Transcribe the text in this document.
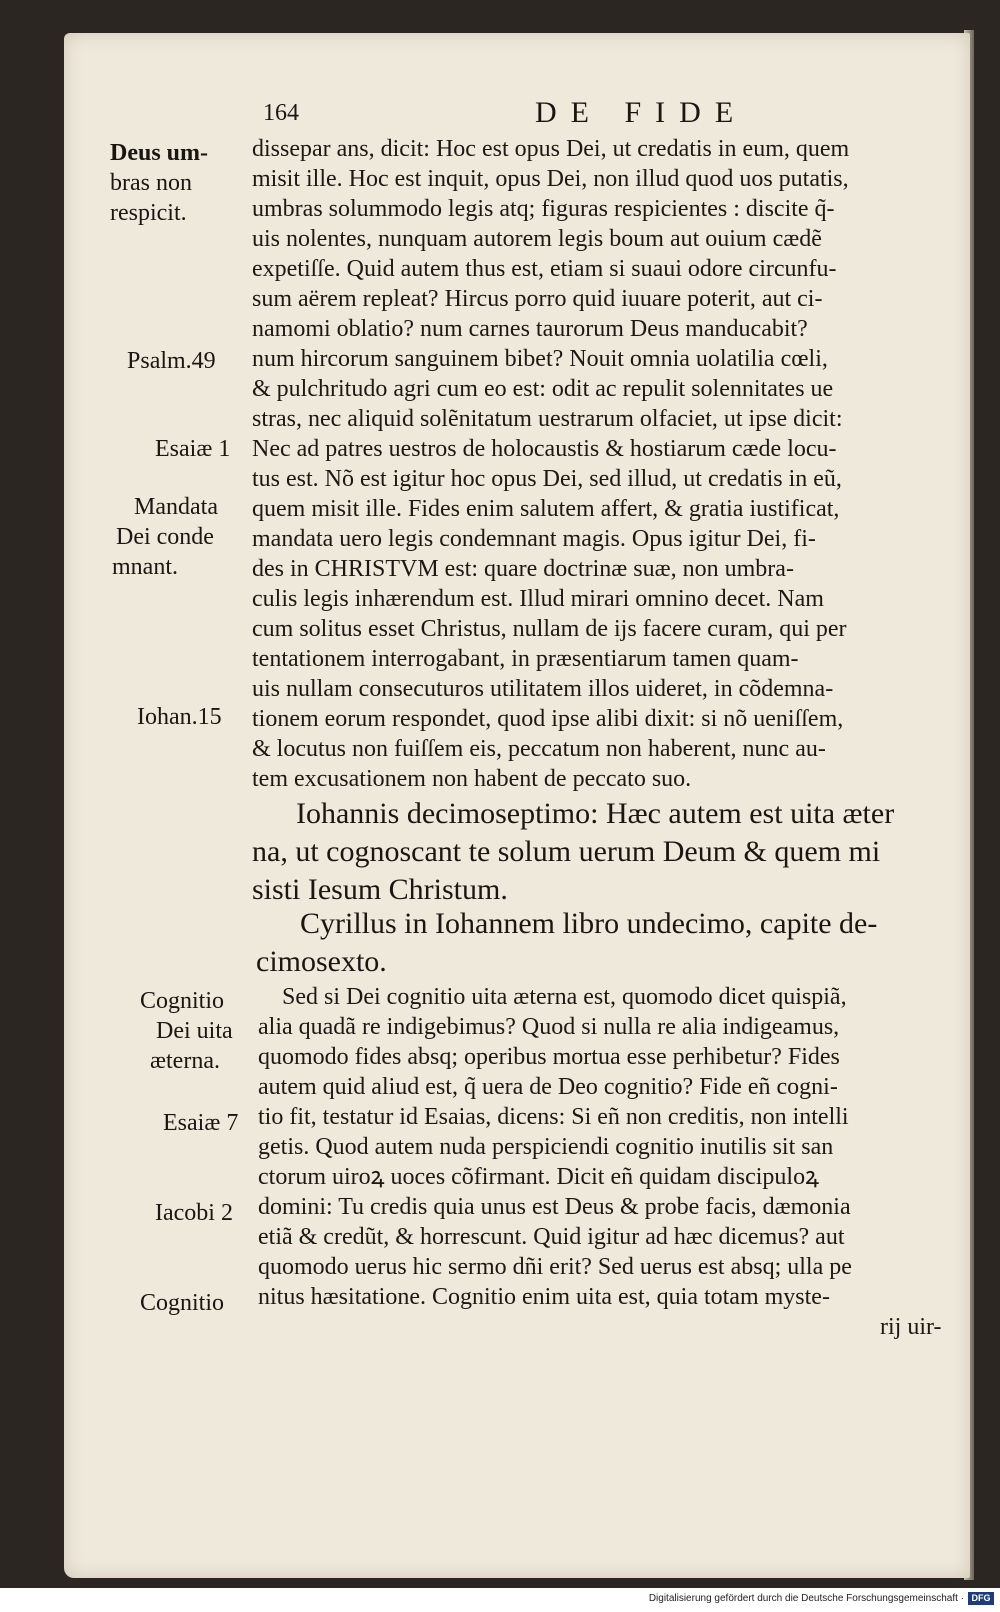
164	DE FIDE
Deus um-
bras non
respicit.
Psalm.49
Esaiæ 1
Mandata
Dei conde
mnant.
Iohan.15
Cognitio
Dei uita
æterna.
Esaiæ 7
Iacobi 2
Cognitio
dissepar ans, dicit: Hoc est opus Dei, ut credatis in eum, quem
misit ille. Hoc est inquit, opus Dei, non illud quod uos putatis,
umbras solummodo legis atq; figuras respicientes : discite q̃-
uis nolentes, nunquam autorem legis boum aut ouium cædẽ
expetiſſe. Quid autem thus est, etiam si suaui odore circunfu-
sum aërem repleat? Hircus porro quid iuuare poterit, aut ci-
namomi oblatio? num carnes taurorum Deus manducabit?
num hircorum sanguinem bibet? Nouit omnia uolatilia cœli,
& pulchritudo agri cum eo est: odit ac repulit solennitates ue
stras, nec aliquid solẽnitatum uestrarum olfaciet, ut ipse dicit:
Nec ad patres uestros de holocaustis & hostiarum cæde locu-
tus est. Nõ est igitur hoc opus Dei, sed illud, ut credatis in eũ,
quem misit ille. Fides enim salutem affert, & gratia iustificat,
mandata uero legis condemnant magis. Opus igitur Dei, fi-
des in CHRISTVM est: quare doctrinæ suæ, non umbra-
culis legis inhærendum est. Illud mirari omnino decet. Nam
cum solitus esset Christus, nullam de ijs facere curam, qui per
tentationem interrogabant, in præsentiarum tamen quam-
uis nullam consecuturos utilitatem illos uideret, in cõdemna-
tionem eorum respondet, quod ipse alibi dixit: si nõ ueniſſem,
& locutus non fuiſſem eis, peccatum non haberent, nunc au-
tem excusationem non habent de peccato suo.
Iohannis decimoseptimo: Hæc autem est uita æter
na, ut cognoscant te solum uerum Deum & quem mi
sisti Iesum Christum.
Cyrillus in Iohannem libro undecimo, capite de-
cimosexto.
Sed si Dei cognitio uita æterna est, quomodo dicet quispiã,
alia quadã re indigebimus? Quod si nulla re alia indigeamus,
quomodo fides absq; operibus mortua esse perhibetur? Fides
autem quid aliud est, q̃ uera de Deo cognitio? Fide eñ cogni-
tio fit, testatur id Esaias, dicens: Si eñ non creditis, non intelli
getis. Quod autem nuda perspiciendi cognitio inutilis sit san
ctorum uiroꝝ uoces cõfirmant. Dicit eñ quidam discipuloꝝ
domini: Tu credis quia unus est Deus & probe facis, dæmonia
etiã & credũt, & horrescunt. Quid igitur ad hæc dicemus? aut
quomodo uerus hic sermo dñi erit? Sed uerus est absq; ulla pe
nitus hæsitatione. Cognitio enim uita est, quia totam myste-
rij uir-
Digitalisierung gefördert durch die Deutsche Forschungsgemeinschaft · DFG
